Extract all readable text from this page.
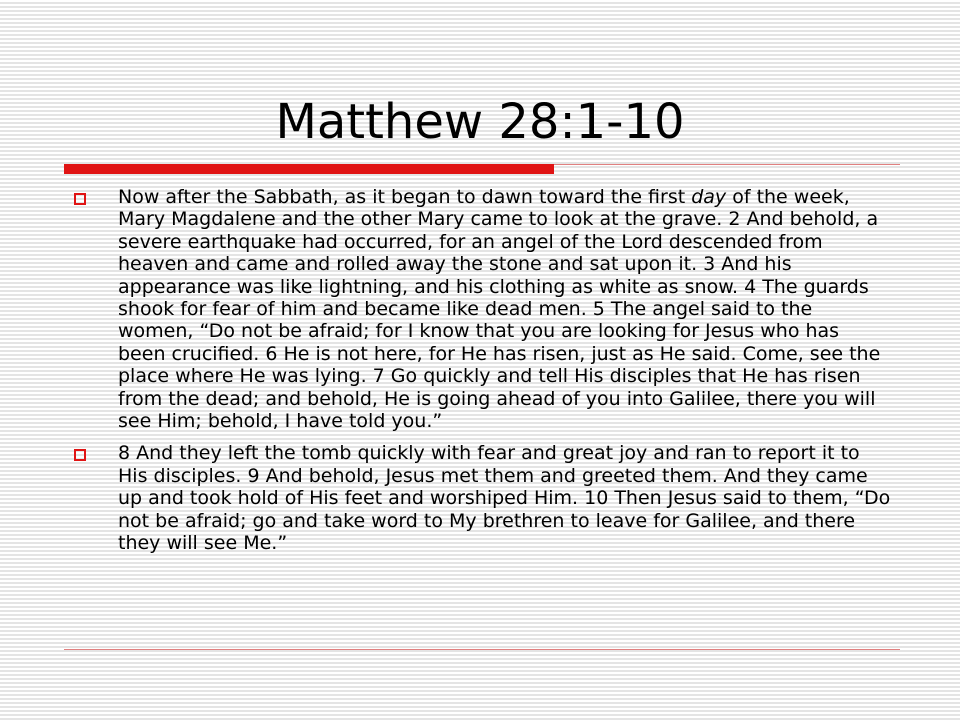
Matthew 28:1-10
Now after the Sabbath, as it began to dawn toward the first day of the week, Mary Magdalene and the other Mary came to look at the grave. 2 And behold, a severe earthquake had occurred, for an angel of the Lord descended from heaven and came and rolled away the stone and sat upon it. 3 And his appearance was like lightning, and his clothing as white as snow. 4 The guards shook for fear of him and became like dead men. 5 The angel said to the women, “Do not be afraid; for I know that you are looking for Jesus who has been crucified. 6 He is not here, for He has risen, just as He said. Come, see the place where He was lying. 7 Go quickly and tell His disciples that He has risen from the dead; and behold, He is going ahead of you into Galilee, there you will see Him; behold, I have told you.”
8 And they left the tomb quickly with fear and great joy and ran to report it to His disciples. 9 And behold, Jesus met them and greeted them. And they came up and took hold of His feet and worshiped Him. 10 Then Jesus said to them, “Do not be afraid; go and take word to My brethren to leave for Galilee, and there they will see Me.”
